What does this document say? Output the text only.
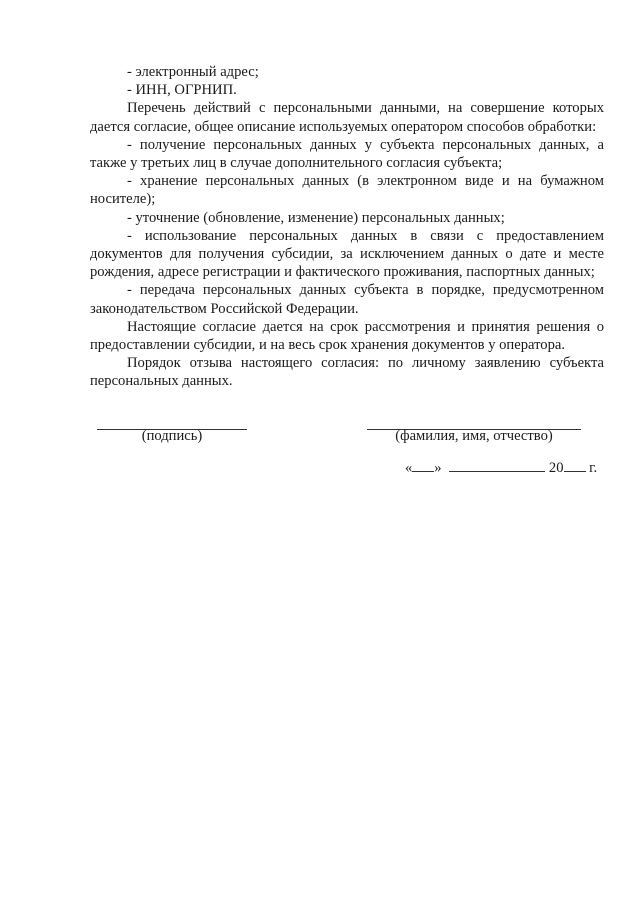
- электронный адрес;

- ИНН, ОГРНИП.

Перечень действий с персональными данными, на совершение которых дается согласие, общее описание используемых оператором способов обработки:

- получение персональных данных у субъекта персональных данных, а также у третьих лиц в случае дополнительного согласия субъекта;

- хранение персональных данных (в электронном виде и на бумажном носителе);

- уточнение (обновление, изменение) персональных данных;

- использование персональных данных в связи с предоставлением документов для получения субсидии, за исключением данных о дате и месте рождения, адресе регистрации и фактического проживания, паспортных данных;

- передача персональных данных субъекта в порядке, предусмотренном законодательством Российской Федерации.

Настоящие согласие дается на срок рассмотрения и принятия решения о предоставлении субсидии, и на весь срок хранения документов у оператора.

Порядок отзыва настоящего согласия: по личному заявлению субъекта персональных данных.

(подпись)	(фамилия, имя, отчество)
« »	20 г.
